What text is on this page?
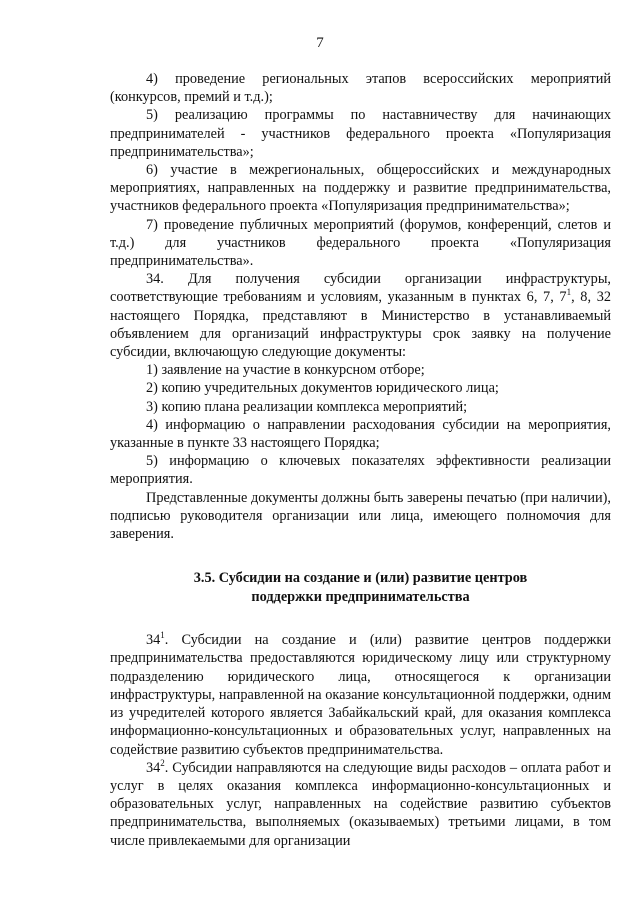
7

4) проведение региональных этапов всероссийских мероприятий (конкурсов, премий и т.д.);

5) реализацию программы по наставничеству для начинающих предпринимателей - участников федерального проекта «Популяризация предпринимательства»;

6) участие в межрегиональных, общероссийских и международных мероприятиях, направленных на поддержку и развитие предпринимательства, участников федерального проекта «Популяризация предпринимательства»;

7) проведение публичных мероприятий (форумов, конференций, слетов и т.д.) для участников федерального проекта «Популяризация предпринимательства».

34. Для получения субсидии организации инфраструктуры, соответствующие требованиям и условиям, указанным в пунктах 6, 7, $7^1$, 8, 32 настоящего Порядка, представляют в Министерство в устанавливаемый объявлением для организаций инфраструктуры срок заявку на получение субсидии, включающую следующие документы:

1) заявление на участие в конкурсном отборе;

2) копию учредительных документов юридического лица;

3) копию плана реализации комплекса мероприятий;

4) информацию о направлении расходования субсидии на мероприятия, указанные в пункте 33 настоящего Порядка;

5) информацию о ключевых показателях эффективности реализации мероприятия.

Представленные документы должны быть заверены печатью (при наличии), подписью руководителя организации или лица, имеющего полномочия для заверения.

3.5. Субсидии на создание и (или) развитие центров
поддержки предпринимательства

$34^1$. Субсидии на создание и (или) развитие центров поддержки предпринимательства предоставляются юридическому лицу или структурному подразделению юридического лица, относящегося к организации инфраструктуры, направленной на оказание консультационной поддержки, одним из учредителей которого является Забайкальский край, для оказания комплекса информационно-консультационных и образовательных услуг, направленных на содействие развитию субъектов предпринимательства.

$34^2$. Субсидии направляются на следующие виды расходов – оплата работ и услуг в целях оказания комплекса информационно-консультационных и образовательных услуг, направленных на содействие развитию субъектов предпринимательства, выполняемых (оказываемых) третьими лицами, в том числе привлекаемыми для организации
